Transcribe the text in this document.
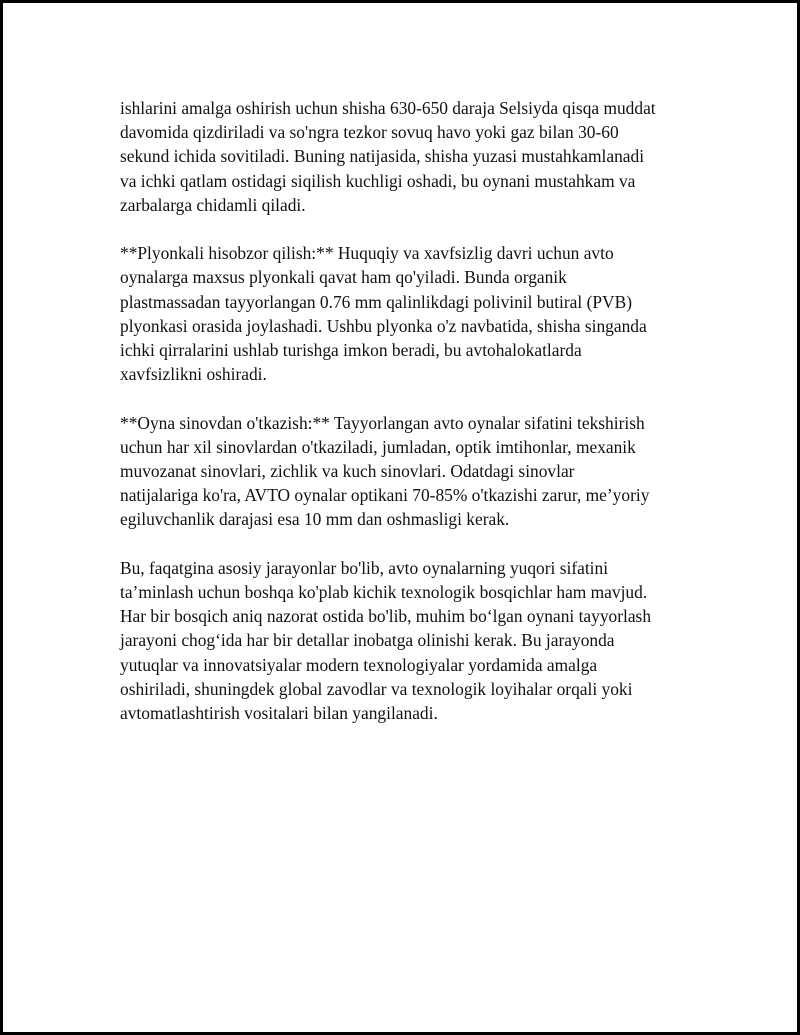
ishlarini amalga oshirish uchun shisha 630-650 daraja Selsiyda qisqa muddat
davomida qizdiriladi va so'ngra tezkor sovuq havo yoki gaz bilan 30-60
sekund ichida sovitiladi. Buning natijasida, shisha yuzasi mustahkamlanadi
va ichki qatlam ostidagi siqilish kuchligi oshadi, bu oynani mustahkam va
zarbalarga chidamli qiladi.

**Plyonkali hisobzor qilish:** Huquqiy va xavfsizlig davri uchun avto
oynalarga maxsus plyonkali qavat ham qo'yiladi. Bunda organik
plastmassadan tayyorlangan 0.76 mm qalinlikdagi polivinil butiral (PVB)
plyonkasi orasida joylashadi. Ushbu plyonka o'z navbatida, shisha singanda
ichki qirralarini ushlab turishga imkon beradi, bu avtohalokatlarda
xavfsizlikni oshiradi.

**Oyna sinovdan o'tkazish:** Tayyorlangan avto oynalar sifatini tekshirish
uchun har xil sinovlardan o'tkaziladi, jumladan, optik imtihonlar, mexanik
muvozanat sinovlari, zichlik va kuch sinovlari. Odatdagi sinovlar
natijalariga ko'ra, AVTO oynalar optikani 70-85% o'tkazishi zarur, me’yoriy
egiluvchanlik darajasi esa 10 mm dan oshmasligi kerak.

Bu, faqatgina asosiy jarayonlar bo'lib, avto oynalarning yuqori sifatini
ta’minlash uchun boshqa ko'plab kichik texnologik bosqichlar ham mavjud.
Har bir bosqich aniq nazorat ostida bo'lib, muhim bo‘lgan oynani tayyorlash
jarayoni chog‘ida har bir detallar inobatga olinishi kerak. Bu jarayonda
yutuqlar va innovatsiyalar modern texnologiyalar yordamida amalga
oshiriladi, shuningdek global zavodlar va texnologik loyihalar orqali yoki
avtomatlashtirish vositalari bilan yangilanadi.
